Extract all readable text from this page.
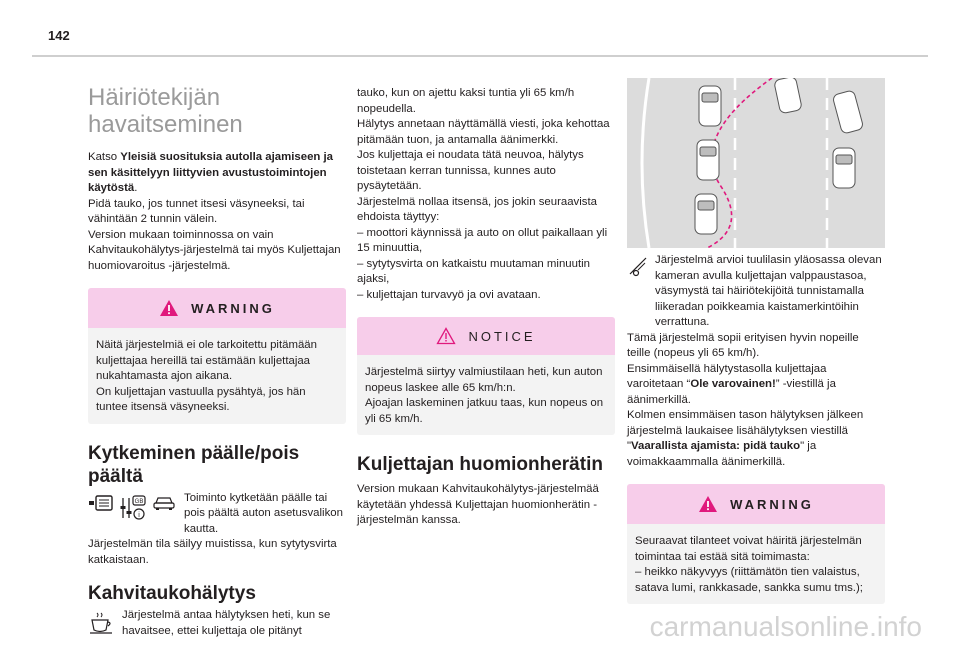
142
Häiriötekijän
havaitseminen

Katso Yleisiä suosituksia autolla ajamiseen ja sen käsittelyyn liittyvien avustustoimintojen käytöstä.

Pidä tauko, jos tunnet itsesi väsyneeksi, tai vähintään 2 tunnin välein.

Version mukaan toiminnossa on vain Kahvitaukohälytys-järjestelmä tai myös Kuljettajan huomiovaroitus -järjestelmä.

WARNING

Näitä järjestelmiä ei ole tarkoitettu pitämään kuljettajaa hereillä tai estämään kuljettajaa nukahtamasta ajon aikana.

On kuljettajan vastuulla pysähtyä, jos hän tuntee itsensä väsyneeksi.

Kytkeminen päälle/pois
päältä
GB
i

Toiminto kytketään päälle tai pois päältä auton asetusvalikon kautta.

Järjestelmän tila säilyy muistissa, kun sytytysvirta katkaistaan.

Kahvitaukohälytys

Järjestelmä antaa hälytyksen heti, kun se havaitsee, ettei kuljettaja ole pitänyt

tauko, kun on ajettu kaksi tuntia yli 65 km/h nopeudella.

Hälytys annetaan näyttämällä viesti, joka kehottaa pitämään tuon, ja antamalla äänimerkki.

Jos kuljettaja ei noudata tätä neuvoa, hälytys toistetaan kerran tunnissa, kunnes auto pysäytetään.

Järjestelmä nollaa itsensä, jos jokin seuraavista ehdoista täyttyy:

– moottori käynnissä ja auto on ollut paikallaan yli 15 minuuttia,

– sytytysvirta on katkaistu muutaman minuutin ajaksi,

– kuljettajan turvavyö ja ovi avataan.

NOTICE

Järjestelmä siirtyy valmiustilaan heti, kun auton nopeus laskee alle 65 km/h:n.

Ajoajan laskeminen jatkuu taas, kun nopeus on yli 65 km/h.

Kuljettajan huomionherätin

Version mukaan Kahvitaukohälytys-järjestelmää käytetään yhdessä Kuljettajan huomionherätin -järjestelmän kanssa.

Järjestelmä arvioi tuulilasin yläosassa olevan kameran avulla kuljettajan valppaustasoa, väsymystä tai häiriötekijöitä tunnistamalla liikeradan poikkeamia kaistamerkintöihin verrattuna.

Tämä järjestelmä sopii erityisen hyvin nopeille teille (nopeus yli 65 km/h).

Ensimmäisellä hälytystasolla kuljettajaa varoitetaan “Ole varovainen!” -viestillä ja äänimerkillä.

Kolmen ensimmäisen tason hälytyksen jälkeen järjestelmä laukaisee lisähälytyksen viestillä "Vaarallista ajamista: pidä tauko" ja voimakkaammalla äänimerkillä.

WARNING

Seuraavat tilanteet voivat häiritä järjestelmän toimintaa tai estää sitä toimimasta:

– heikko näkyvyys (riittämätön tien valaistus, satava lumi, rankkasade, sankka sumu tms.);

carmanualsonline.info
